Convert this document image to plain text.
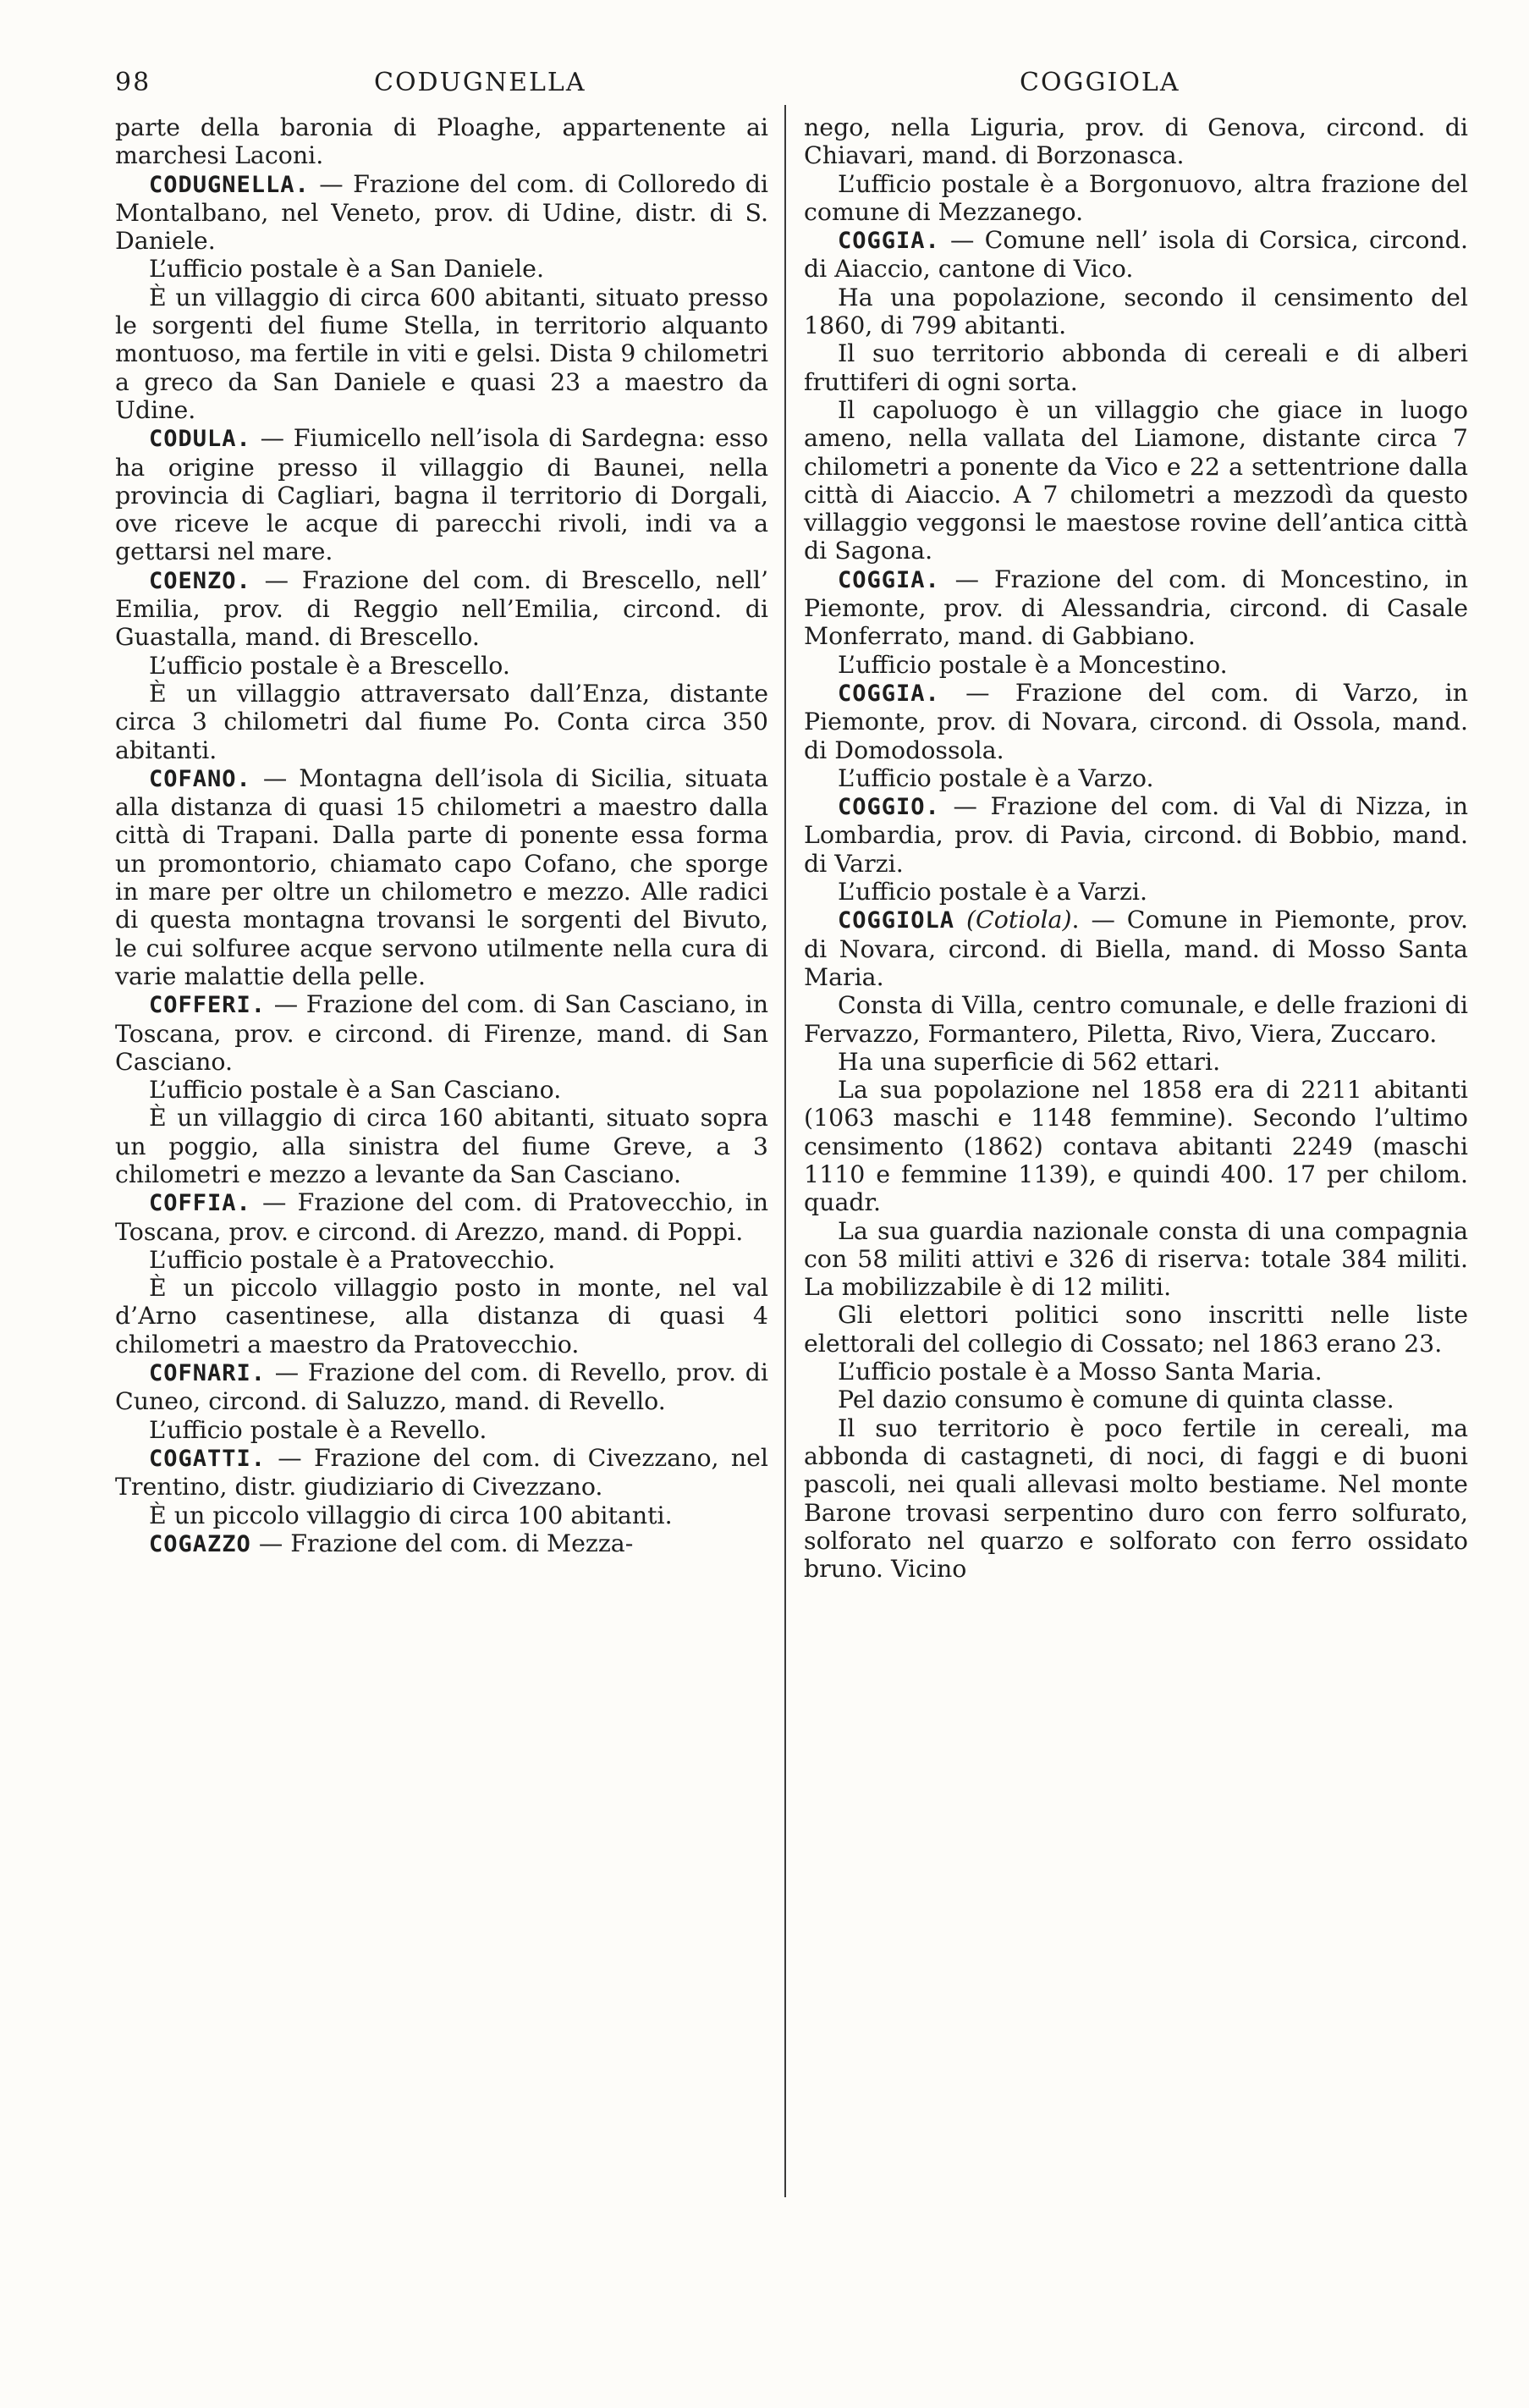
98	CODUGNELLA	COGGIOLA

parte della baronia di Ploaghe, appartenente ai marchesi Laconi.

CODUGNELLA. — Frazione del com. di Colloredo di Montalbano, nel Veneto, prov. di Udine, distr. di S. Daniele.

L’ufficio postale è a San Daniele.

È un villaggio di circa 600 abitanti, situato presso le sorgenti del fiume Stella, in territorio alquanto montuoso, ma fertile in viti e gelsi. Dista 9 chilometri a greco da San Daniele e quasi 23 a maestro da Udine.

CODULA. — Fiumicello nell’isola di Sardegna: esso ha origine presso il villaggio di Baunei, nella provincia di Cagliari, bagna il territorio di Dorgali, ove riceve le acque di parecchi rivoli, indi va a gettarsi nel mare.

COENZO. — Frazione del com. di Brescello, nell’ Emilia, prov. di Reggio nell’Emilia, circond. di Guastalla, mand. di Brescello.

L’ufficio postale è a Brescello.

È un villaggio attraversato dall’Enza, distante circa 3 chilometri dal fiume Po. Conta circa 350 abitanti.

COFANO. — Montagna dell’isola di Sicilia, situata alla distanza di quasi 15 chilometri a maestro dalla città di Trapani. Dalla parte di ponente essa forma un promontorio, chiamato capo Cofano, che sporge in mare per oltre un chilometro e mezzo. Alle radici di questa montagna trovansi le sorgenti del Bivuto, le cui solfuree acque servono utilmente nella cura di varie malattie della pelle.

COFFERI. — Frazione del com. di San Casciano, in Toscana, prov. e circond. di Firenze, mand. di San Casciano.

L’ufficio postale è a San Casciano.

È un villaggio di circa 160 abitanti, situato sopra un poggio, alla sinistra del fiume Greve, a 3 chilometri e mezzo a levante da San Casciano.

COFFIA. — Frazione del com. di Pratovecchio, in Toscana, prov. e circond. di Arezzo, mand. di Poppi.

L’ufficio postale è a Pratovecchio.

È un piccolo villaggio posto in monte, nel val d’Arno casentinese, alla distanza di quasi 4 chilometri a maestro da Pratovecchio.

COFNARI. — Frazione del com. di Revello, prov. di Cuneo, circond. di Saluzzo, mand. di Revello.

L’ufficio postale è a Revello.

COGATTI. — Frazione del com. di Civezzano, nel Trentino, distr. giudiziario di Civezzano.

È un piccolo villaggio di circa 100 abitanti.

COGAZZO — Frazione del com. di Mezza-

nego, nella Liguria, prov. di Genova, circond. di Chiavari, mand. di Borzonasca.

L’ufficio postale è a Borgonuovo, altra frazione del comune di Mezzanego.

COGGIA. — Comune nell’ isola di Corsica, circond. di Aiaccio, cantone di Vico.

Ha una popolazione, secondo il censimento del 1860, di 799 abitanti.

Il suo territorio abbonda di cereali e di alberi fruttiferi di ogni sorta.

Il capoluogo è un villaggio che giace in luogo ameno, nella vallata del Liamone, distante circa 7 chilometri a ponente da Vico e 22 a settentrione dalla città di Aiaccio. A 7 chilometri a mezzodì da questo villaggio veggonsi le maestose rovine dell’antica città di Sagona.

COGGIA. — Frazione del com. di Moncestino, in Piemonte, prov. di Alessandria, circond. di Casale Monferrato, mand. di Gabbiano.

L’ufficio postale è a Moncestino.

COGGIA. — Frazione del com. di Varzo, in Piemonte, prov. di Novara, circond. di Ossola, mand. di Domodossola.

L’ufficio postale è a Varzo.

COGGIO. — Frazione del com. di Val di Nizza, in Lombardia, prov. di Pavia, circond. di Bobbio, mand. di Varzi.

L’ufficio postale è a Varzi.

COGGIOLA (Cotiola). — Comune in Piemonte, prov. di Novara, circond. di Biella, mand. di Mosso Santa Maria.

Consta di Villa, centro comunale, e delle frazioni di Fervazzo, Formantero, Piletta, Rivo, Viera, Zuccaro.

Ha una superficie di 562 ettari.

La sua popolazione nel 1858 era di 2211 abitanti (1063 maschi e 1148 femmine). Secondo l’ultimo censimento (1862) contava abitanti 2249 (maschi 1110 e femmine 1139), e quindi 400. 17 per chilom. quadr.

La sua guardia nazionale consta di una compagnia con 58 militi attivi e 326 di riserva: totale 384 militi. La mobilizzabile è di 12 militi.

Gli elettori politici sono inscritti nelle liste elettorali del collegio di Cossato; nel 1863 erano 23.

L’ufficio postale è a Mosso Santa Maria.

Pel dazio consumo è comune di quinta classe.

Il suo territorio è poco fertile in cereali, ma abbonda di castagneti, di noci, di faggi e di buoni pascoli, nei quali allevasi molto bestiame. Nel monte Barone trovasi serpentino duro con ferro solfurato, solforato nel quarzo e solforato con ferro ossidato bruno. Vicino
